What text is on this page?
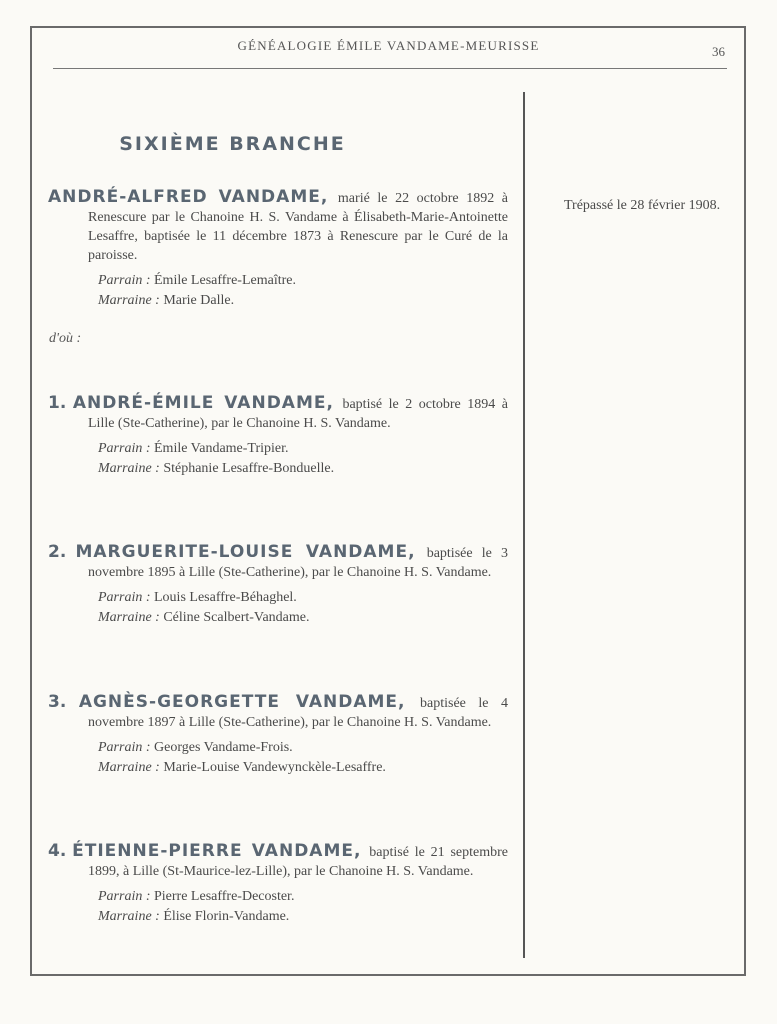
GÉNÉALOGIE ÉMILE VANDAME-MEURISSE	36
SIXIÈME BRANCHE
ANDRÉ-ALFRED VANDAME, marié le 22 octobre 1892 à Renescure par le Chanoine H. S. Vandame à Élisabeth-Marie-Antoinette Lesaffre, baptisée le 11 décembre 1873 à Renescure par le Curé de la paroisse.
Parrain : Émile Lesaffre-Lemaître.
Marraine : Marie Dalle.
Trépassé le 28 février 1908.
d'où :
1. ANDRÉ-ÉMILE VANDAME, baptisé le 2 octobre 1894 à Lille (Ste-Catherine), par le Chanoine H. S. Vandame.
Parrain : Émile Vandame-Tripier.
Marraine : Stéphanie Lesaffre-Bonduelle.
2. MARGUERITE-LOUISE VANDAME, baptisée le 3 novembre 1895 à Lille (Ste-Catherine), par le Chanoine H. S. Vandame.
Parrain : Louis Lesaffre-Béhaghel.
Marraine : Céline Scalbert-Vandame.
3. AGNÈS-GEORGETTE VANDAME, baptisée le 4 novembre 1897 à Lille (Ste-Catherine), par le Chanoine H. S. Vandame.
Parrain : Georges Vandame-Frois.
Marraine : Marie-Louise Vandewynckèle-Lesaffre.
4. ÉTIENNE-PIERRE VANDAME, baptisé le 21 septembre 1899, à Lille (St-Maurice-lez-Lille), par le Chanoine H. S. Vandame.
Parrain : Pierre Lesaffre-Decoster.
Marraine : Élise Florin-Vandame.
